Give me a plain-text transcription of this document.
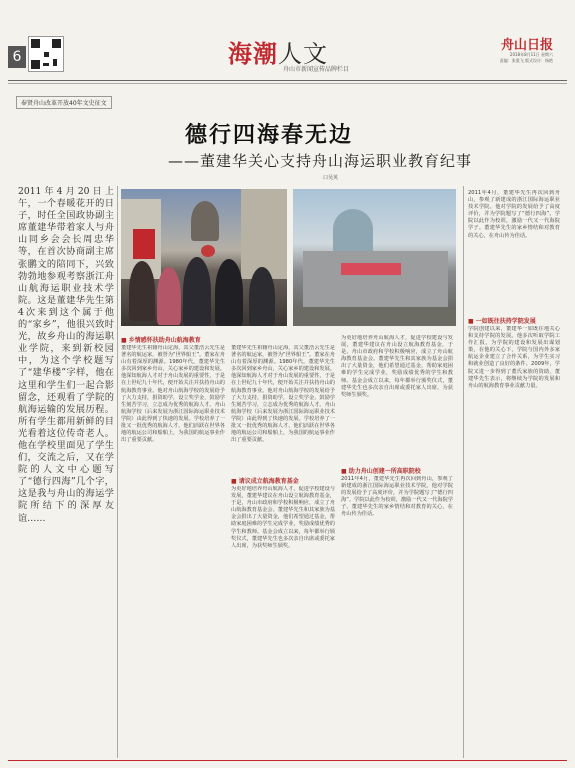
6	海潮人文
舟山市新闻宣传品牌栏目
舟山日报
2018年8月11日 星期六
责编：张重飞 版式设计：杨艳
奉贤舟山改革开放40年文史征文
德行四海春无边
——董建华关心支持舟山海运职业教育纪事
口吴英
2011年4月20日上午，一个春暖花开的日子，时任全国政协副主席董建华带着家人与舟山同乡会会长周忠华等，在首次协商副主席张鹏文的陪同下，兴致勃勃地参观考察浙江舟山航海运职业技术学院。这是董建华先生第4次来到这个属于他的“家乡”，他很兴致时光，故乡舟山的海运职业学院，来到新校园中，为这个学校题写了“建华楼”字样，他在这里和学生们一起合影留念，还观看了学院的航海运输的发展历程。所有学生都用新鲜的目光看着这位传奇老人。他在学校里面见了学生们，交流之后，又在学院的人文中心题写了“德行四海”几个字，这是我与舟山的海运学院所结下的深厚友谊……
■ 乡情感怀扶助舟山航海教育
董建华先生祖籍舟山定海，其父董浩云先生是著名的航运家，被誉为“世界船王”。董家在舟山有着深厚的渊源。1980年代，董建华先生多次回到家乡舟山，关心家乡的建设和发展。他深知航海人才对于舟山发展的重要性，于是在上世纪九十年代，便开始关注并扶持舟山的航海教育事业。他对舟山航海学校的发展给予了大力支持，捐资助学，设立奖学金，鼓励学生刻苦学习，立志成为优秀的航海人才。舟山航海学校（后来发展为浙江国际海运职业技术学院）由此得到了快速的发展。学校培养了一批又一批优秀的航海人才，他们活跃在世界各地的航运公司和船舶上，为我国的航运事业作出了重要贡献。
董建华先生祖籍舟山定海，其父董浩云先生是著名的航运家，被誉为“世界船王”。董家在舟山有着深厚的渊源。1980年代，董建华先生多次回到家乡舟山，关心家乡的建设和发展。他深知航海人才对于舟山发展的重要性，于是在上世纪九十年代，便开始关注并扶持舟山的航海教育事业。他对舟山航海学校的发展给予了大力支持，捐资助学，设立奖学金，鼓励学生刻苦学习，立志成为优秀的航海人才。舟山航海学校（后来发展为浙江国际海运职业技术学院）由此得到了快速的发展。学校培养了一批又一批优秀的航海人才，他们活跃在世界各地的航运公司和船舶上，为我国的航运事业作出了重要贡献。
■ 请议成立航海教育基金
为更好地培养舟山航海人才，促进学校建设与发展，董建华建议在舟山设立航海教育基金，于是，舟山市政府和学校积极响应，成立了舟山航海教育基金会。董建华先生和其家族为基金会捐出了大量资金，他们希望通过基金，帮助家庭困难的学生完成学业，奖励成绩优秀的学生和教师。基金会成立以来，每年都举行颁奖仪式，董建华先生也多次亲自出席或委托家人出席，为获奖师生颁奖。
为更好地培养舟山航海人才，促进学校建设与发展，董建华建议在舟山设立航海教育基金，于是，舟山市政府和学校积极响应，成立了舟山航海教育基金会。董建华先生和其家族为基金会捐出了大量资金，他们希望通过基金，帮助家庭困难的学生完成学业，奖励成绩优秀的学生和教师。基金会成立以来，每年都举行颁奖仪式，董建华先生也多次亲自出席或委托家人出席，为获奖师生颁奖。
■ 助力舟山创建一所高职院校
2011年4月，董建华先生再次回到舟山，参观了新建成的浙江国际海运职业技术学院。他对学院的发展给予了高度评价，并为学院题写了“德行四海”。学院以此作为校训，激励一代又一代海院学子。董建华先生的家乡情结和对教育的关心，在舟山传为佳话。
2011年4月，董建华先生再次回到舟山，参观了新建成的浙江国际海运职业技术学院。他对学院的发展给予了高度评价，并为学院题写了“德行四海”。学院以此作为校训，激励一代又一代海院学子。董建华先生的家乡情结和对教育的关心，在舟山传为佳话。
■ 一如既往扶持学院发展
学院创建以来，董建华一如既往地关心和支持学院的发展。他多次听取学院工作汇报，为学院的建设和发展出谋划策，在他的关心下，学院与国内外多家航运企业建立了合作关系，为学生实习和就业创造了良好的条件。2009年，学院又进一步得到了董氏家族的资助，董建华先生表示，将继续为学院的发展和舟山的航海教育事业贡献力量。
